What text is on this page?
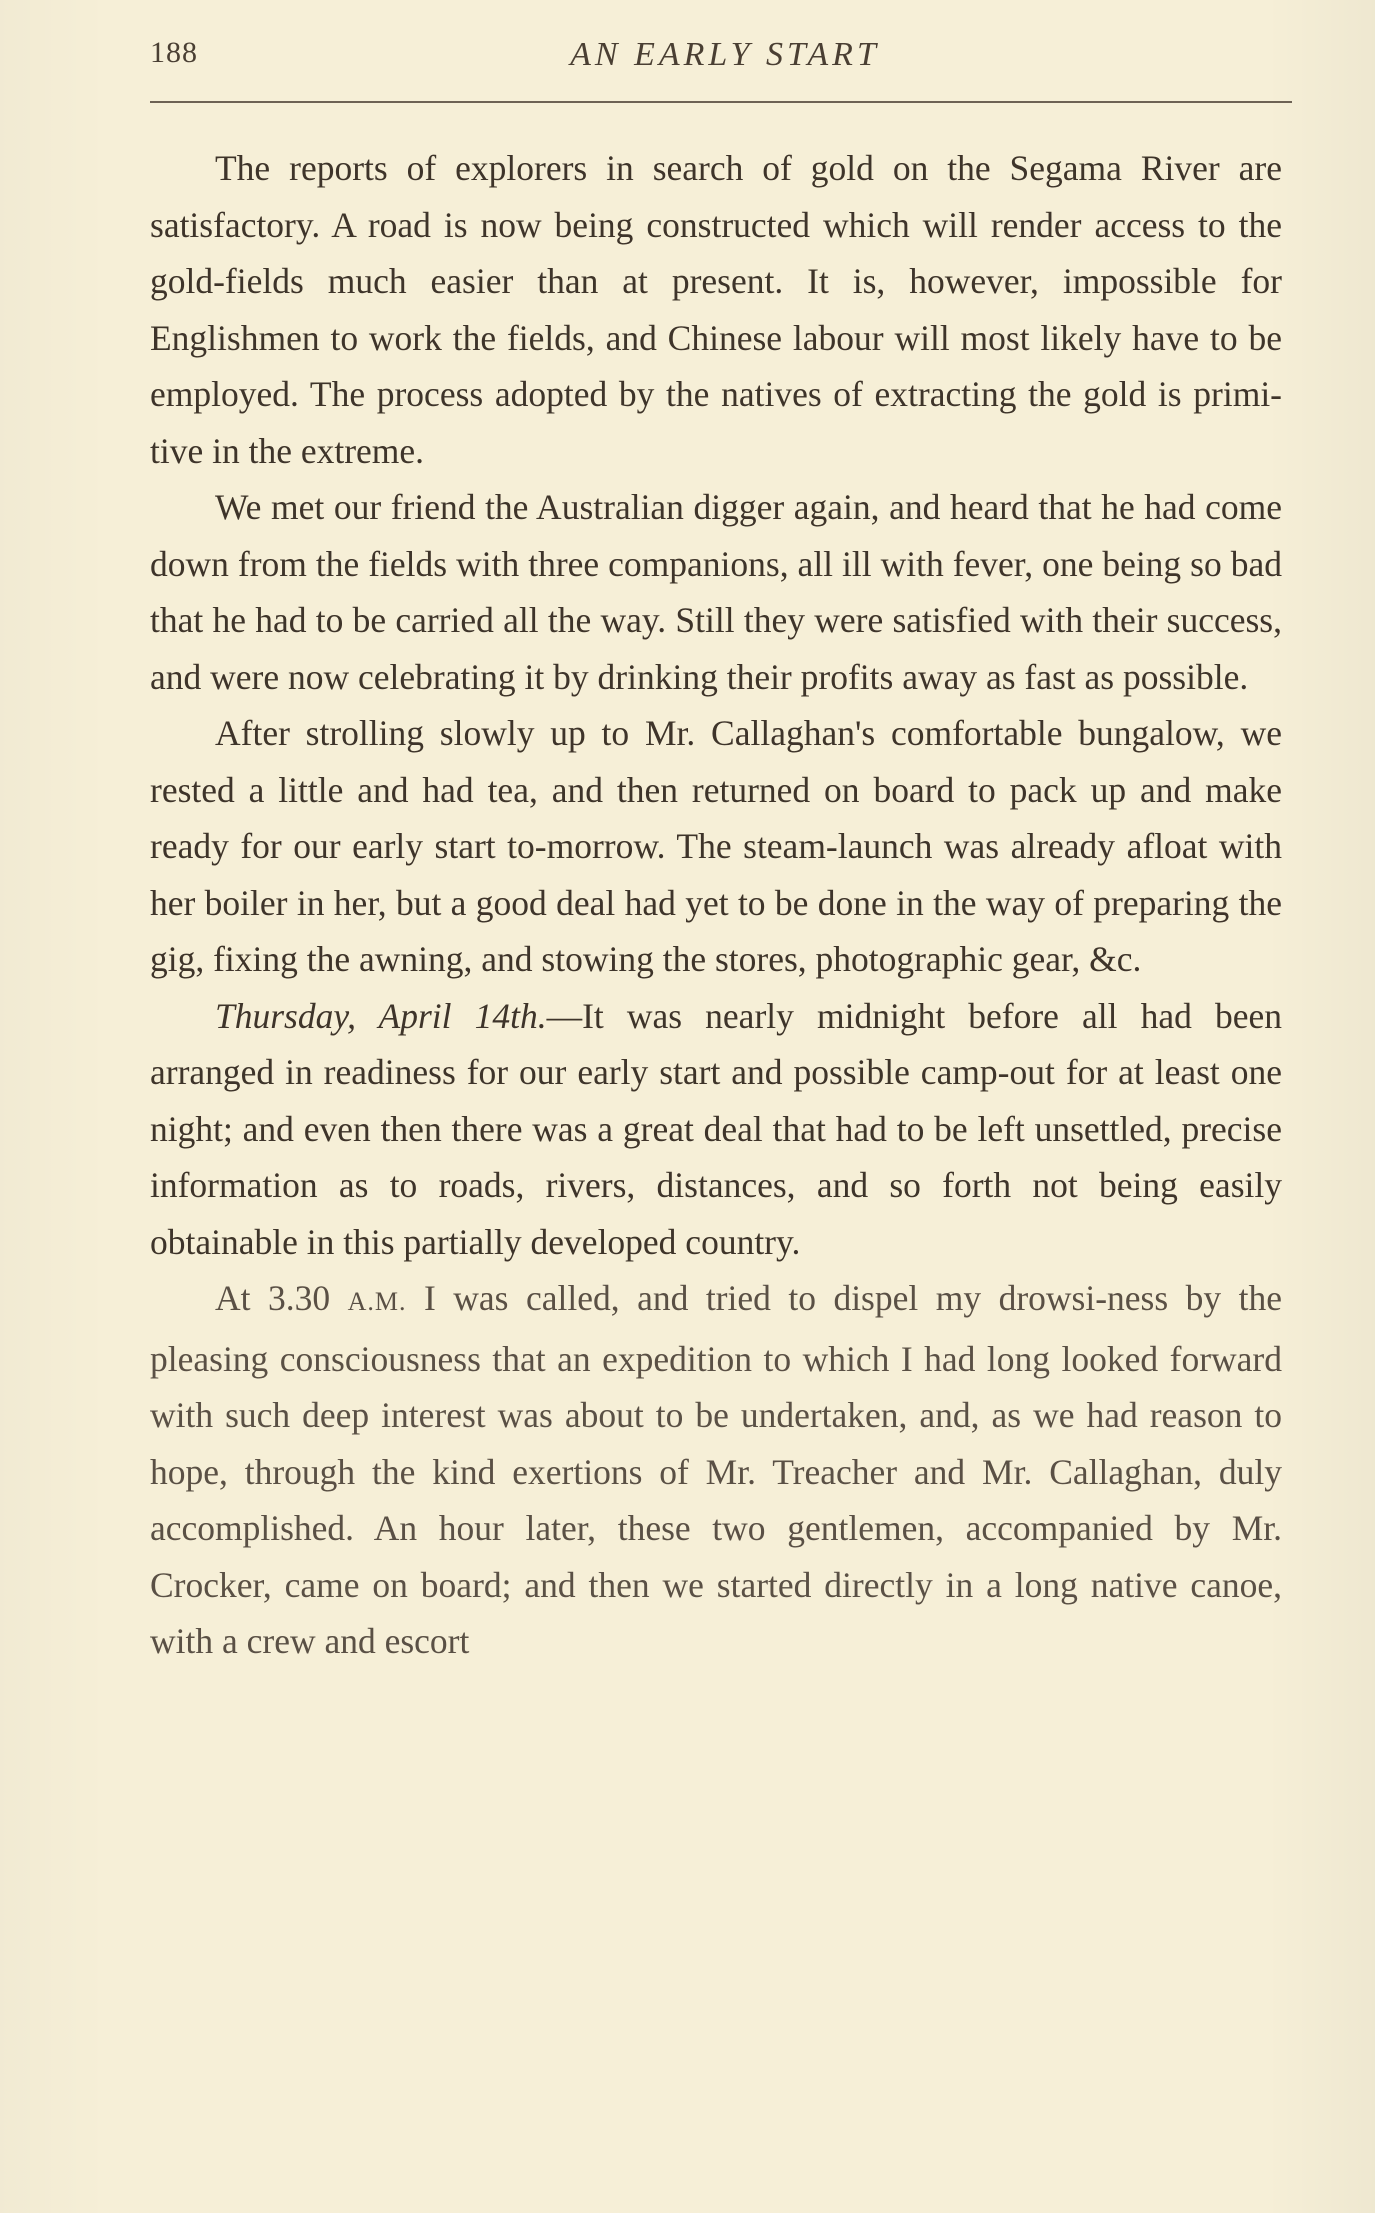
188	AN EARLY START

The reports of explorers in search of gold on the Segama River are satisfactory. A road is now being constructed which will render access to the gold-fields much easier than at present. It is, however, impossible for Englishmen to work the fields, and Chinese labour will most likely have to be employed. The process adopted by the natives of extracting the gold is primi-tive in the extreme.

We met our friend the Australian digger again, and heard that he had come down from the fields with three companions, all ill with fever, one being so bad that he had to be carried all the way. Still they were satisfied with their success, and were now celebrating it by drinking their profits away as fast as possible.

After strolling slowly up to Mr. Callaghan's comfortable bungalow, we rested a little and had tea, and then returned on board to pack up and make ready for our early start to-morrow. The steam-launch was already afloat with her boiler in her, but a good deal had yet to be done in the way of preparing the gig, fixing the awning, and stowing the stores, photographic gear, &c.

Thursday, April 14th.—It was nearly midnight before all had been arranged in readiness for our early start and possible camp-out for at least one night; and even then there was a great deal that had to be left unsettled, precise information as to roads, rivers, distances, and so forth not being easily obtainable in this partially developed country.

At 3.30 A.M. I was called, and tried to dispel my drowsi-ness by the pleasing consciousness that an expedition to which I had long looked forward with such deep interest was about to be undertaken, and, as we had reason to hope, through the kind exertions of Mr. Treacher and Mr. Callaghan, duly accomplished. An hour later, these two gentlemen, accompanied by Mr. Crocker, came on board; and then we started directly in a long native canoe, with a crew and escort
